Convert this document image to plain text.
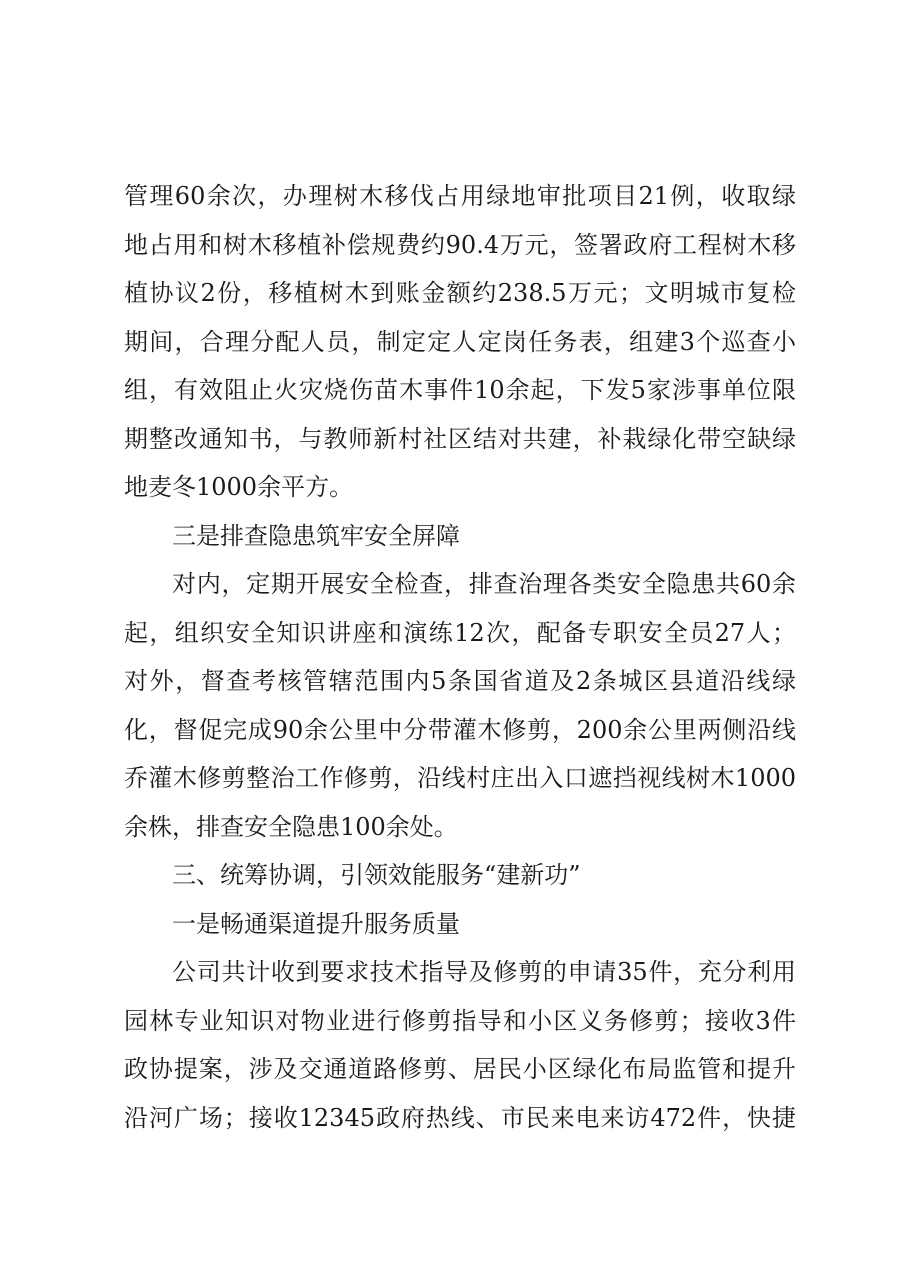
管理60余次，办理树木移伐占用绿地审批项目21例，收取绿
地占用和树木移植补偿规费约90.4万元，签署政府工程树木移
植协议2份，移植树木到账金额约238.5万元；文明城市复检
期间，合理分配人员，制定定人定岗任务表，组建3个巡查小
组，有效阻止火灾烧伤苗木事件10余起，下发5家涉事单位限
期整改通知书，与教师新村社区结对共建，补栽绿化带空缺绿
地麦冬1000余平方。
三是排查隐患筑牢安全屏障
对内，定期开展安全检查，排查治理各类安全隐患共60余
起，组织安全知识讲座和演练12次，配备专职安全员27人；
对外，督查考核管辖范围内5条国省道及2条城区县道沿线绿
化，督促完成90余公里中分带灌木修剪，200余公里两侧沿线
乔灌木修剪整治工作修剪，沿线村庄出入口遮挡视线树木1000
余株，排查安全隐患100余处。
三、统筹协调，引领效能服务“建新功”
一是畅通渠道提升服务质量
公司共计收到要求技术指导及修剪的申请35件，充分利用
园林专业知识对物业进行修剪指导和小区义务修剪；接收3件
政协提案，涉及交通道路修剪、居民小区绿化布局监管和提升
沿河广场；接收12345政府热线、市民来电来访472件，快捷
